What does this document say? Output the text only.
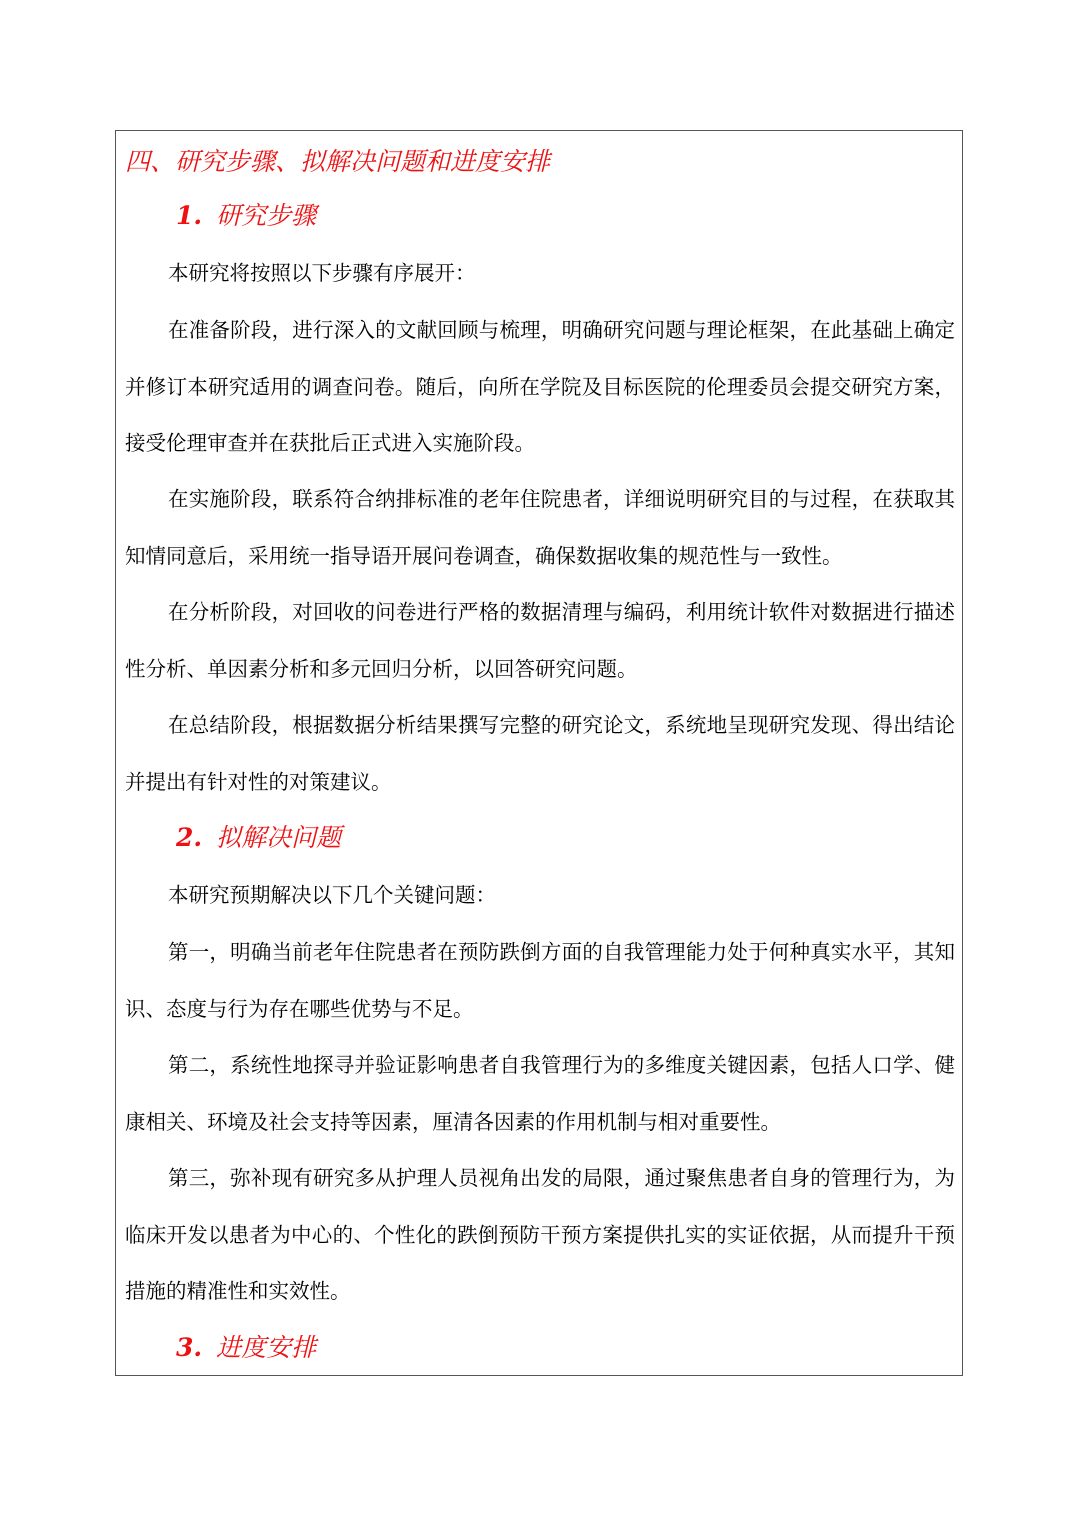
四、研究步骤、拟解决问题和进度安排
1. 研究步骤

本研究将按照以下步骤有序展开：

在准备阶段，进行深入的文献回顾与梳理，明确研究问题与理论框架，在此基础上确定并修订本研究适用的调查问卷。随后，向所在学院及目标医院的伦理委员会提交研究方案，接受伦理审查并在获批后正式进入实施阶段。

在实施阶段，联系符合纳排标准的老年住院患者，详细说明研究目的与过程，在获取其知情同意后，采用统一指导语开展问卷调查，确保数据收集的规范性与一致性。

在分析阶段，对回收的问卷进行严格的数据清理与编码，利用统计软件对数据进行描述性分析、单因素分析和多元回归分析，以回答研究问题。

在总结阶段，根据数据分析结果撰写完整的研究论文，系统地呈现研究发现、得出结论并提出有针对性的对策建议。

2. 拟解决问题

本研究预期解决以下几个关键问题：

第一，明确当前老年住院患者在预防跌倒方面的自我管理能力处于何种真实水平，其知识、态度与行为存在哪些优势与不足。

第二，系统性地探寻并验证影响患者自我管理行为的多维度关键因素，包括人口学、健康相关、环境及社会支持等因素，厘清各因素的作用机制与相对重要性。

第三，弥补现有研究多从护理人员视角出发的局限，通过聚焦患者自身的管理行为，为临床开发以患者为中心的、个性化的跌倒预防干预方案提供扎实的实证依据，从而提升干预措施的精准性和实效性。

3. 进度安排
